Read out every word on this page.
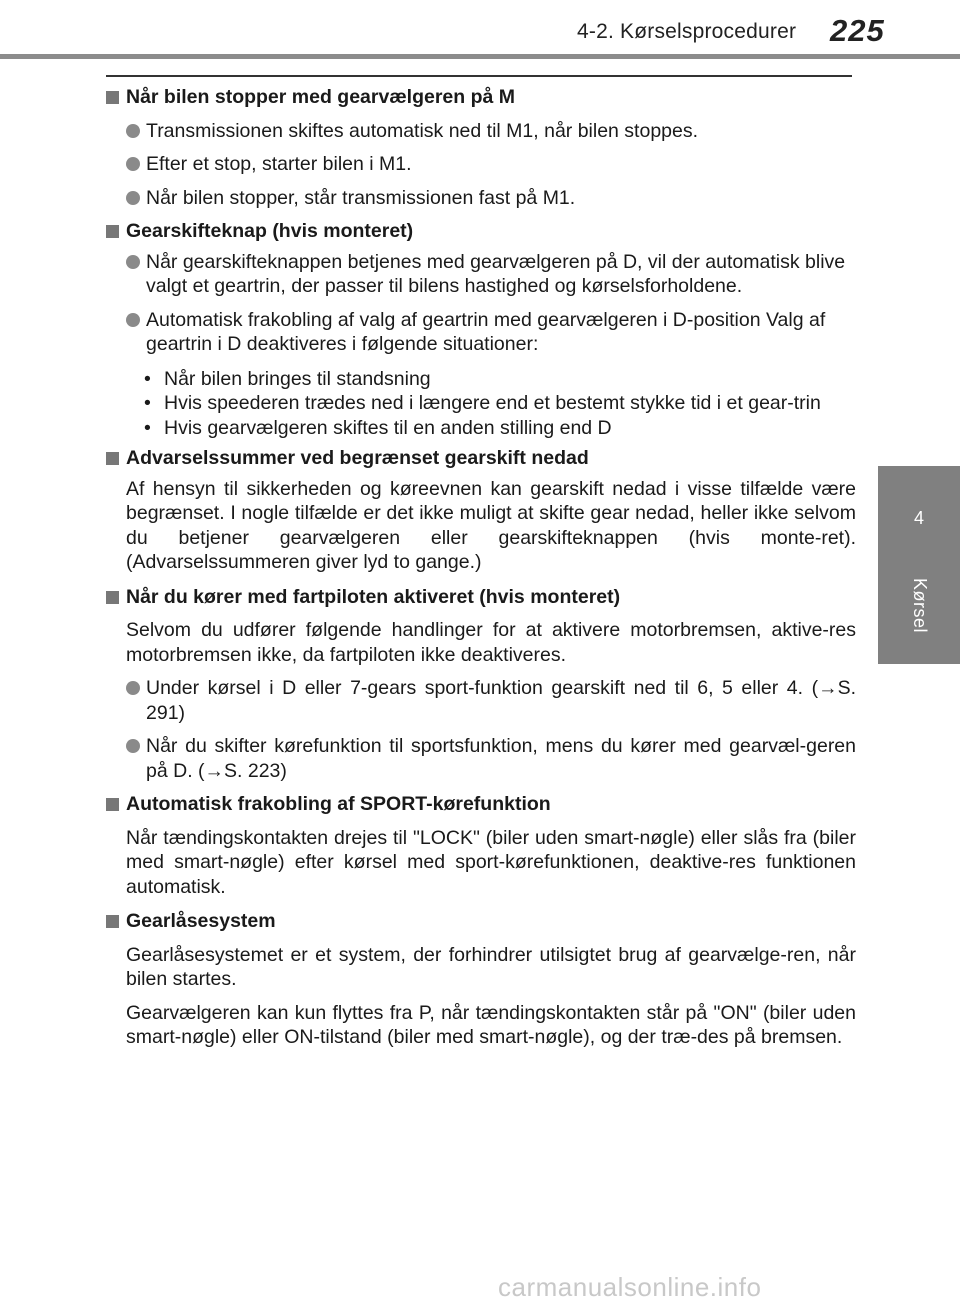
4-2. Kørselsprocedurer 225
4
Kørsel
Når bilen stopper med gearvælgeren på M
Transmissionen skiftes automatisk ned til M1, når bilen stoppes.
Efter et stop, starter bilen i M1.
Når bilen stopper, står transmissionen fast på M1.
Gearskifteknap (hvis monteret)
Når gearskifteknappen betjenes med gearvælgeren på D, vil der automatisk blive valgt et geartrin, der passer til bilens hastighed og kørselsforholdene.
Automatisk frakobling af valg af geartrin med gearvælgeren i D-position Valg af geartrin i D deaktiveres i følgende situationer:
• Når bilen bringes til standsning
• Hvis speederen trædes ned i længere end et bestemt stykke tid i et gear-trin
• Hvis gearvælgeren skiftes til en anden stilling end D
Advarselssummer ved begrænset gearskift nedad
Af hensyn til sikkerheden og køreevnen kan gearskift nedad i visse tilfælde være begrænset. I nogle tilfælde er det ikke muligt at skifte gear nedad, heller ikke selvom du betjener gearvælgeren eller gearskifteknappen (hvis monte-ret). (Advarselssummeren giver lyd to gange.)
Når du kører med fartpiloten aktiveret (hvis monteret)
Selvom du udfører følgende handlinger for at aktivere motorbremsen, aktive-res motorbremsen ikke, da fartpiloten ikke deaktiveres.
Under kørsel i D eller 7-gears sport-funktion gearskift ned til 6, 5 eller 4. (→S. 291)
Når du skifter kørefunktion til sportsfunktion, mens du kører med gearvæl-geren på D. (→S. 223)
Automatisk frakobling af SPORT-kørefunktion
Når tændingskontakten drejes til "LOCK" (biler uden smart-nøgle) eller slås fra (biler med smart-nøgle) efter kørsel med sport-kørefunktionen, deaktive-res funktionen automatisk.
Gearlåsesystem
Gearlåsesystemet er et system, der forhindrer utilsigtet brug af gearvælge-ren, når bilen startes.
Gearvælgeren kan kun flyttes fra P, når tændingskontakten står på "ON" (biler uden smart-nøgle) eller ON-tilstand (biler med smart-nøgle), og der træ-des på bremsen.
carmanualsonline.info
